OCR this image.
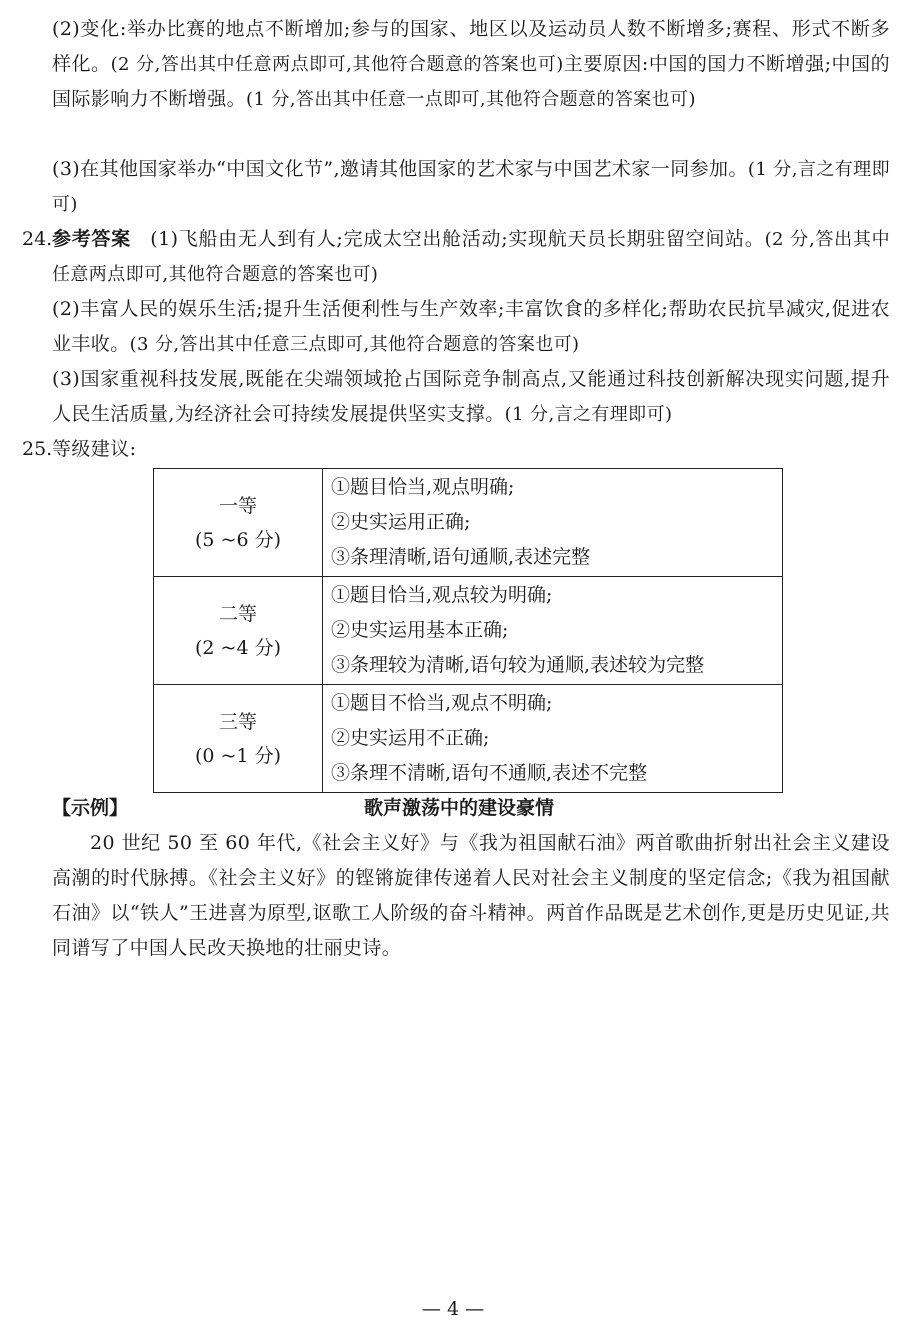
(2)变化:举办比赛的地点不断增加;参与的国家、地区以及运动员人数不断增多;赛程、形式不断多样化。(2 分,答出其中任意两点即可,其他符合题意的答案也可)主要原因:中国的国力不断增强;中国的国际影响力不断增强。(1 分,答出其中任意一点即可,其他符合题意的答案也可)
(3)在其他国家举办“中国文化节”,邀请其他国家的艺术家与中国艺术家一同参加。(1 分,言之有理即可)
24. 参考答案  (1)飞船由无人到有人;完成太空出舱活动;实现航天员长期驻留空间站。(2 分,答出其中任意两点即可,其他符合题意的答案也可)
(2)丰富人民的娱乐生活;提升生活便利性与生产效率;丰富饮食的多样化;帮助农民抗旱减灾,促进农业丰收。(3 分,答出其中任意三点即可,其他符合题意的答案也可)
(3)国家重视科技发展,既能在尖端领域抢占国际竞争制高点,又能通过科技创新解决现实问题,提升人民生活质量,为经济社会可持续发展提供坚实支撑。(1 分,言之有理即可)
25. 等级建议:
一等
(5 ~6 分)	①题目恰当,观点明确;
②史实运用正确;
③条理清晰,语句通顺,表述完整

二等
(2 ~4 分)	①题目恰当,观点较为明确;
②史实运用基本正确;
③条理较为清晰,语句较为通顺,表述较为完整

三等
(0 ~1 分)	①题目不恰当,观点不明确;
②史实运用不正确;
③条理不清晰,语句不通顺,表述不完整
【示例】	歌声激荡中的建设豪情
20 世纪 50 至 60 年代,《社会主义好》与《我为祖国献石油》两首歌曲折射出社会主义建设高潮的时代脉搏。《社会主义好》的铿锵旋律传递着人民对社会主义制度的坚定信念;《我为祖国献石油》以“铁人”王进喜为原型,讴歌工人阶级的奋斗精神。两首作品既是艺术创作,更是历史见证,共同谱写了中国人民改天换地的壮丽史诗。
— 4 —
